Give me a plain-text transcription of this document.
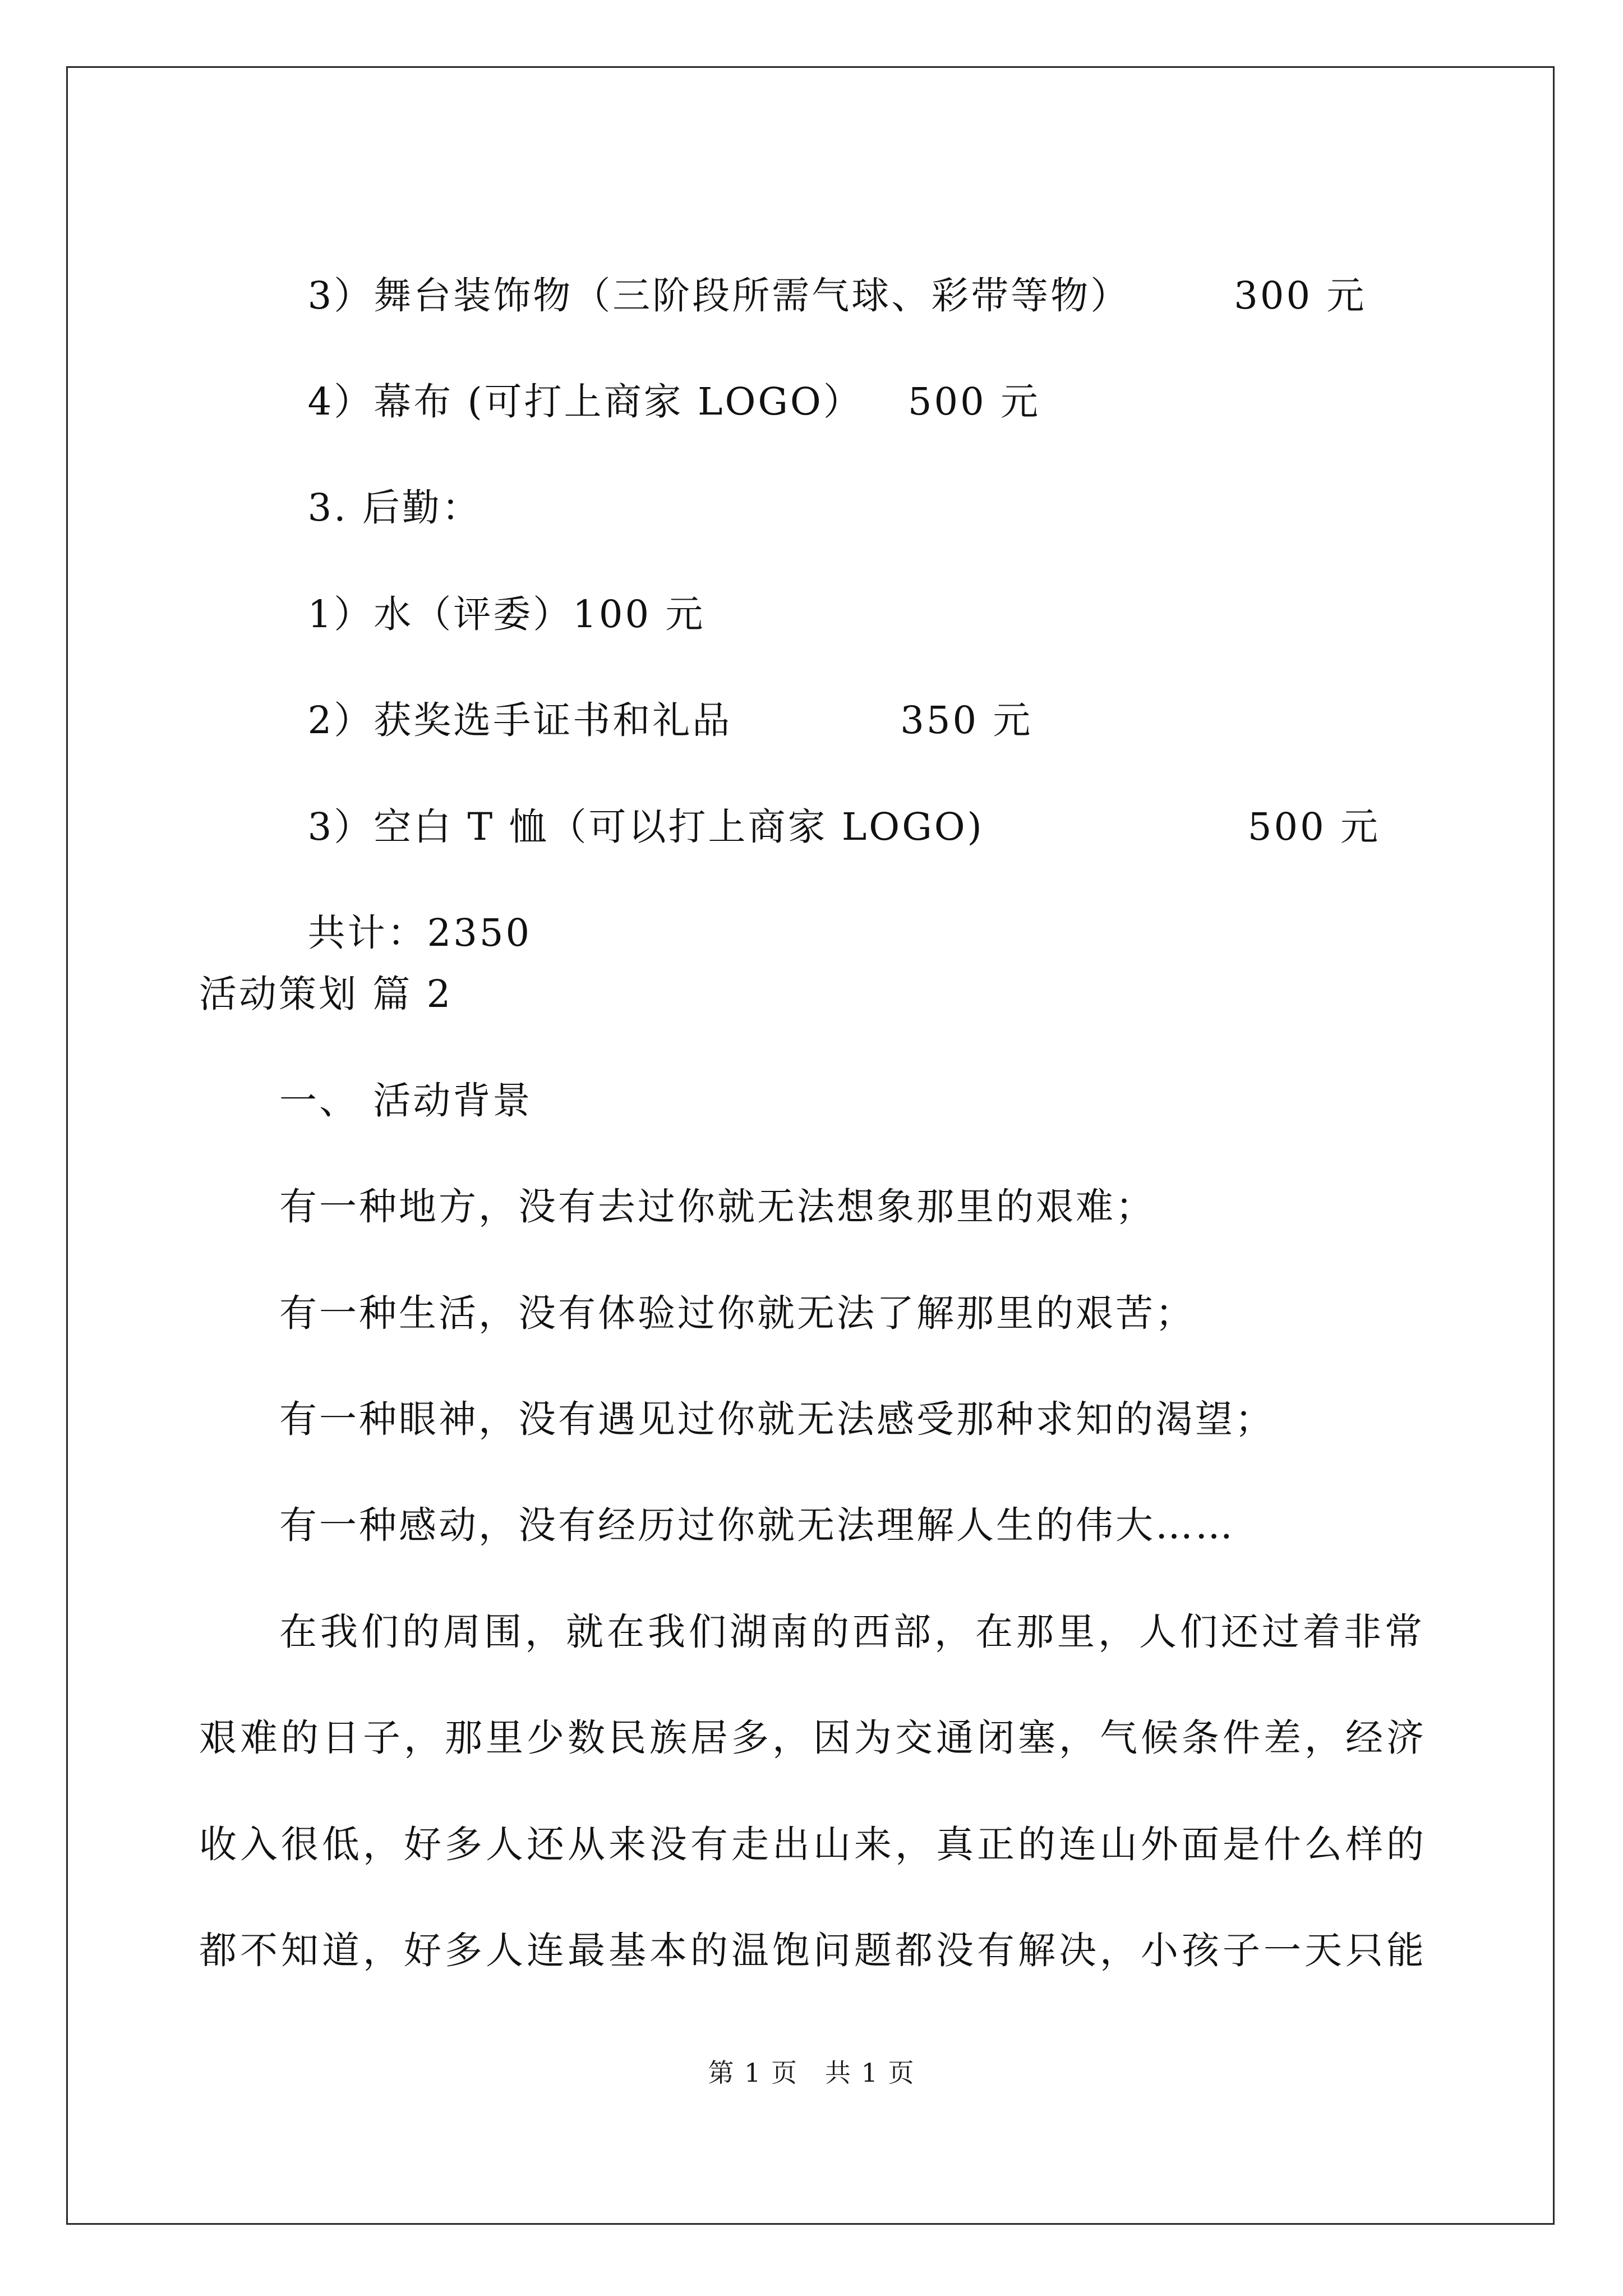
3）舞台装饰物（三阶段所需气球、彩带等物）	300 元

4）幕布 (可打上商家 LOGO） 500 元

3. 后勤：

1）水（评委）100 元

2）获奖选手证书和礼品	350 元

3）空白 T 恤（可以打上商家 LOGO)	500 元

共计：2350

活动策划 篇 2
一、 活动背景
有一种地方，没有去过你就无法想象那里的艰难；
有一种生活，没有体验过你就无法了解那里的艰苦；
有一种眼神，没有遇见过你就无法感受那种求知的渴望；
有一种感动，没有经历过你就无法理解人生的伟大……
在我们的周围，就在我们湖南的西部，在那里，人们还过着非常
艰难的日子，那里少数民族居多，因为交通闭塞，气候条件差，经济
收入很低，好多人还从来没有走出山来，真正的连山外面是什么样的
都不知道，好多人连最基本的温饱问题都没有解决，小孩子一天只能
第 1 页　共 1 页
